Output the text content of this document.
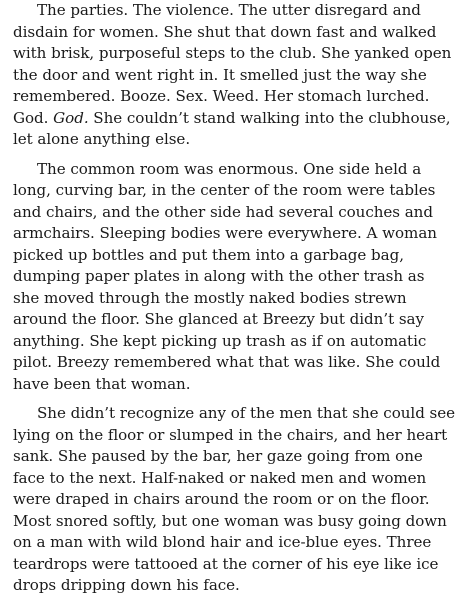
The parties. The violence. The utter disregard and
disdain for women. She shut that down fast and walked
with brisk, purposeful steps to the club. She yanked open
the door and went right in. It smelled just the way she
remembered. Booze. Sex. Weed. Her stomach lurched.
God. God. She couldn’t stand walking into the clubhouse,
let alone anything else.

The common room was enormous. One side held a
long, curving bar, in the center of the room were tables
and chairs, and the other side had several couches and
armchairs. Sleeping bodies were everywhere. A woman
picked up bottles and put them into a garbage bag,
dumping paper plates in along with the other trash as
she moved through the mostly naked bodies strewn
around the floor. She glanced at Breezy but didn’t say
anything. She kept picking up trash as if on automatic
pilot. Breezy remembered what that was like. She could
have been that woman.

She didn’t recognize any of the men that she could see
lying on the floor or slumped in the chairs, and her heart
sank. She paused by the bar, her gaze going from one
face to the next. Half-naked or naked men and women
were draped in chairs around the room or on the floor.
Most snored softly, but one woman was busy going down
on a man with wild blond hair and ice-blue eyes. Three
teardrops were tattooed at the corner of his eye like ice
drops dripping down his face.
